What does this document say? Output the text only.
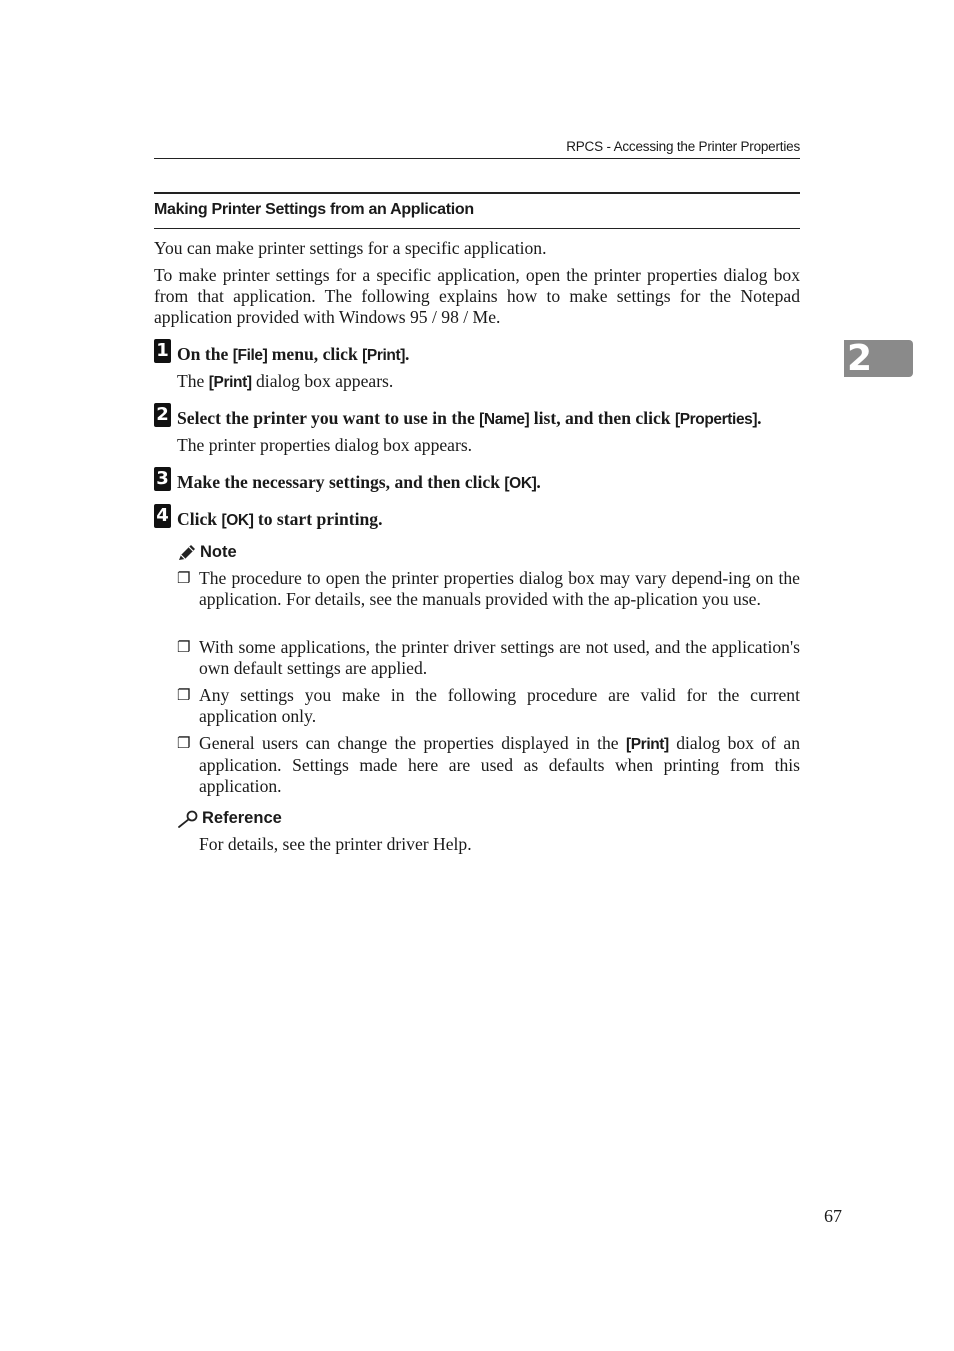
RPCS - Accessing the Printer Properties
Making Printer Settings from an Application
You can make printer settings for a specific application.
To make printer settings for a specific application, open the printer properties dialog box from that application. The following explains how to make settings for the Notepad application provided with Windows 95 / 98 / Me.
2
1 On the [File] menu, click [Print].
The [Print] dialog box appears.
2 Select the printer you want to use in the [Name] list, and then click [Properties].
The printer properties dialog box appears.
3 Make the necessary settings, and then click [OK].
4 Click [OK] to start printing.
Note
❐ The procedure to open the printer properties dialog box may vary depend-ing on the application. For details, see the manuals provided with the ap-plication you use.
❐ With some applications, the printer driver settings are not used, and the application's own default settings are applied.
❐ Any settings you make in the following procedure are valid for the current application only.
❐ General users can change the properties displayed in the [Print] dialog box of an application. Settings made here are used as defaults when printing from this application.
Reference
For details, see the printer driver Help.
67
